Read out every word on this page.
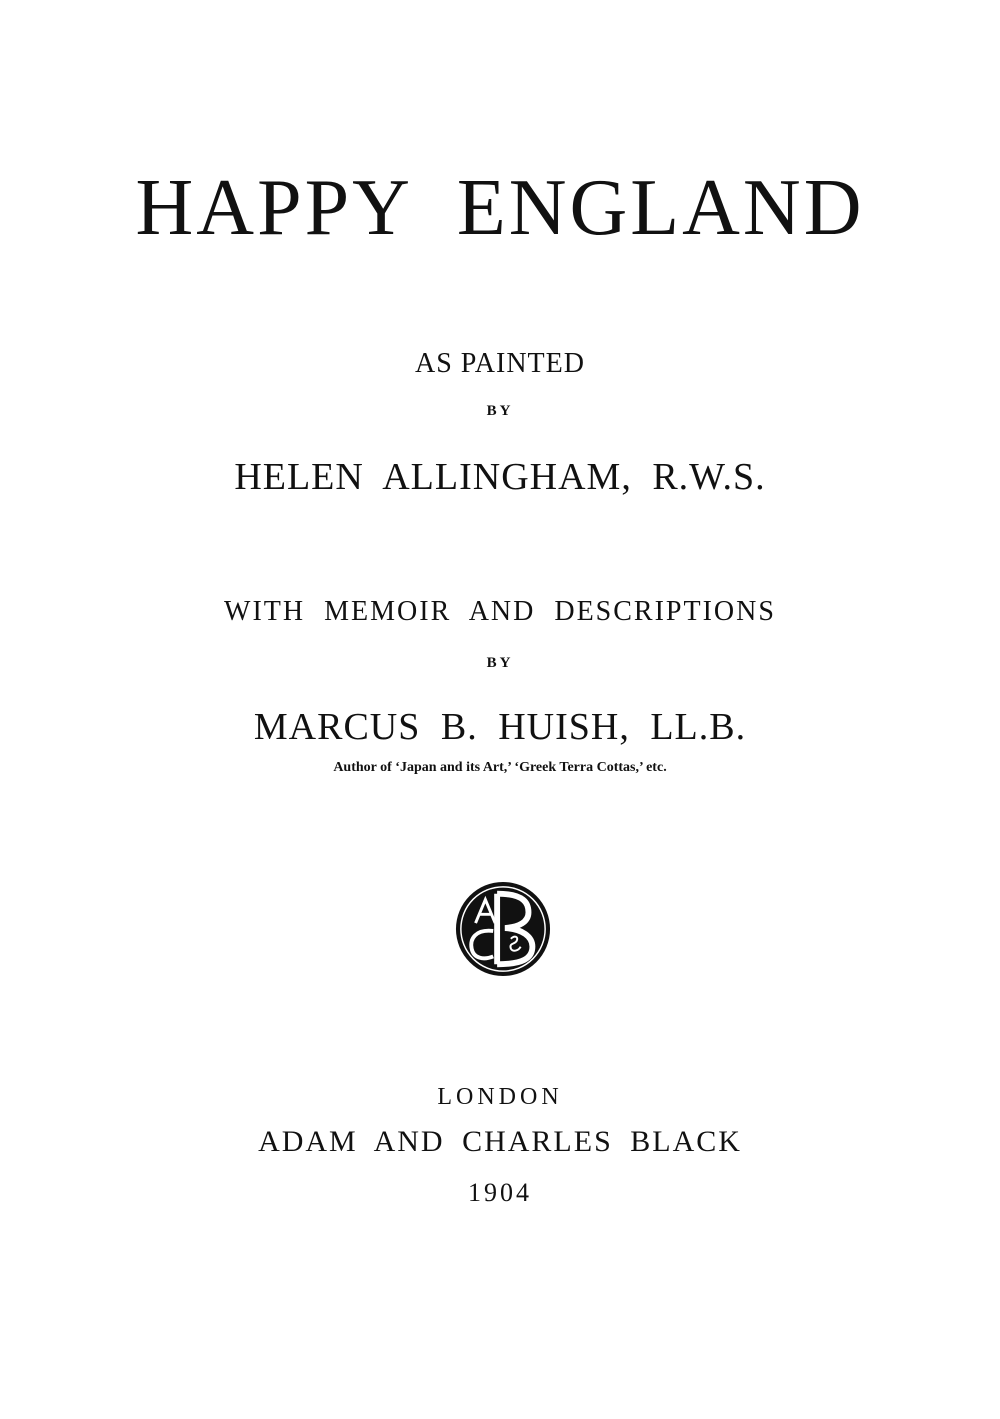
HAPPY ENGLAND

AS PAINTED

BY

HELEN ALLINGHAM, R.W.S.

WITH MEMOIR AND DESCRIPTIONS

BY

MARCUS B. HUISH, LL.B.

Author of ‘Japan and its Art,’ ‘Greek Terra Cottas,’ etc.

LONDON

ADAM AND CHARLES BLACK

1904
